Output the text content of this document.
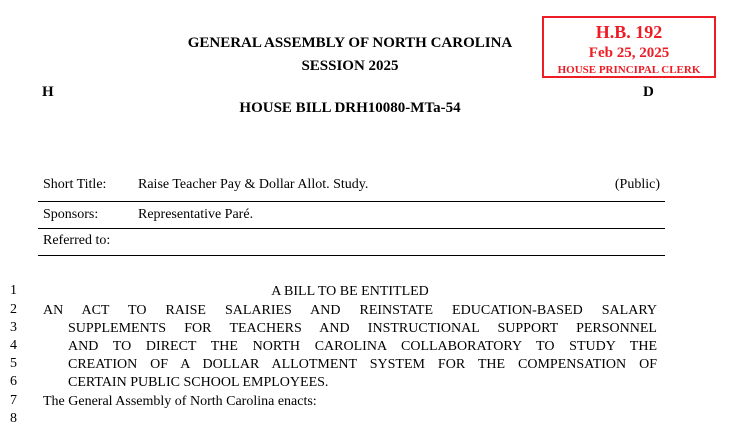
GENERAL ASSEMBLY OF NORTH CAROLINA
SESSION 2025
H	D
HOUSE BILL DRH10080-MTa-54
H.B. 192
Feb 25, 2025
HOUSE PRINCIPAL CLERK
Short Title: Raise Teacher Pay & Dollar Allot. Study.	(Public)
Sponsors:	Representative Paré.
Referred to:
1
2
3
4
5
6
7
8
A BILL TO BE ENTITLED
AN ACT TO RAISE SALARIES AND REINSTATE EDUCATION-BASED SALARY
SUPPLEMENTS FOR TEACHERS AND INSTRUCTIONAL SUPPORT PERSONNEL
AND TO DIRECT THE NORTH CAROLINA COLLABORATORY TO STUDY THE
CREATION OF A DOLLAR ALLOTMENT SYSTEM FOR THE COMPENSATION OF
CERTAIN PUBLIC SCHOOL EMPLOYEES.
The General Assembly of North Carolina enacts:
